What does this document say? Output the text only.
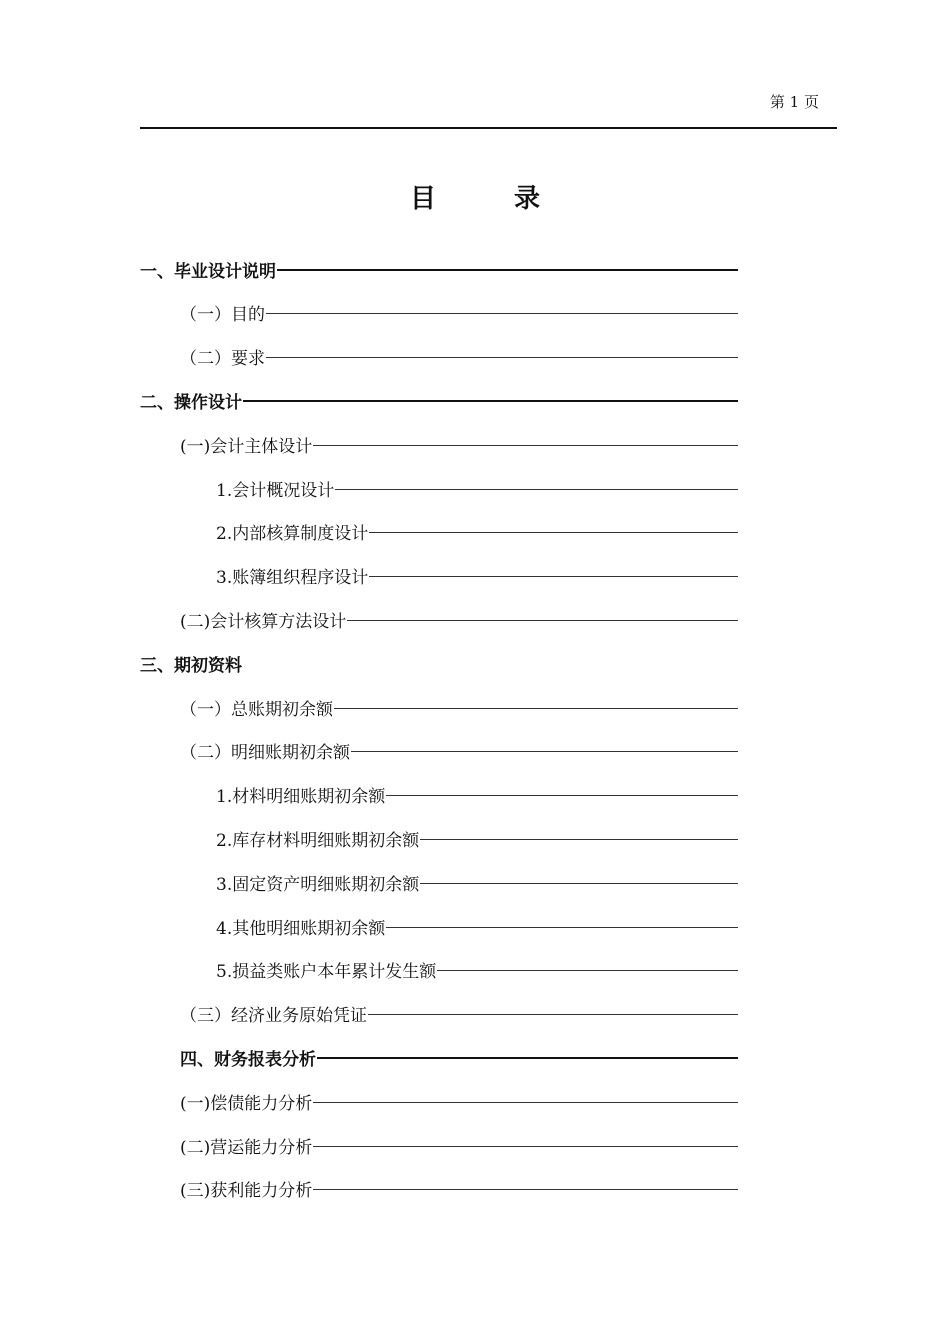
第 1 页
目	录
一、毕业设计说明
（一）目的
（二）要求
二、操作设计
(一)会计主体设计
1.会计概况设计
2.内部核算制度设计
3.账簿组织程序设计
(二)会计核算方法设计
三、期初资料
（一）总账期初余额
（二）明细账期初余额
1.材料明细账期初余额
2.库存材料明细账期初余额
3.固定资产明细账期初余额
4.其他明细账期初余额
5.损益类账户本年累计发生额
（三）经济业务原始凭证
四、财务报表分析
(一)偿债能力分析
(二)营运能力分析
(三)获利能力分析
